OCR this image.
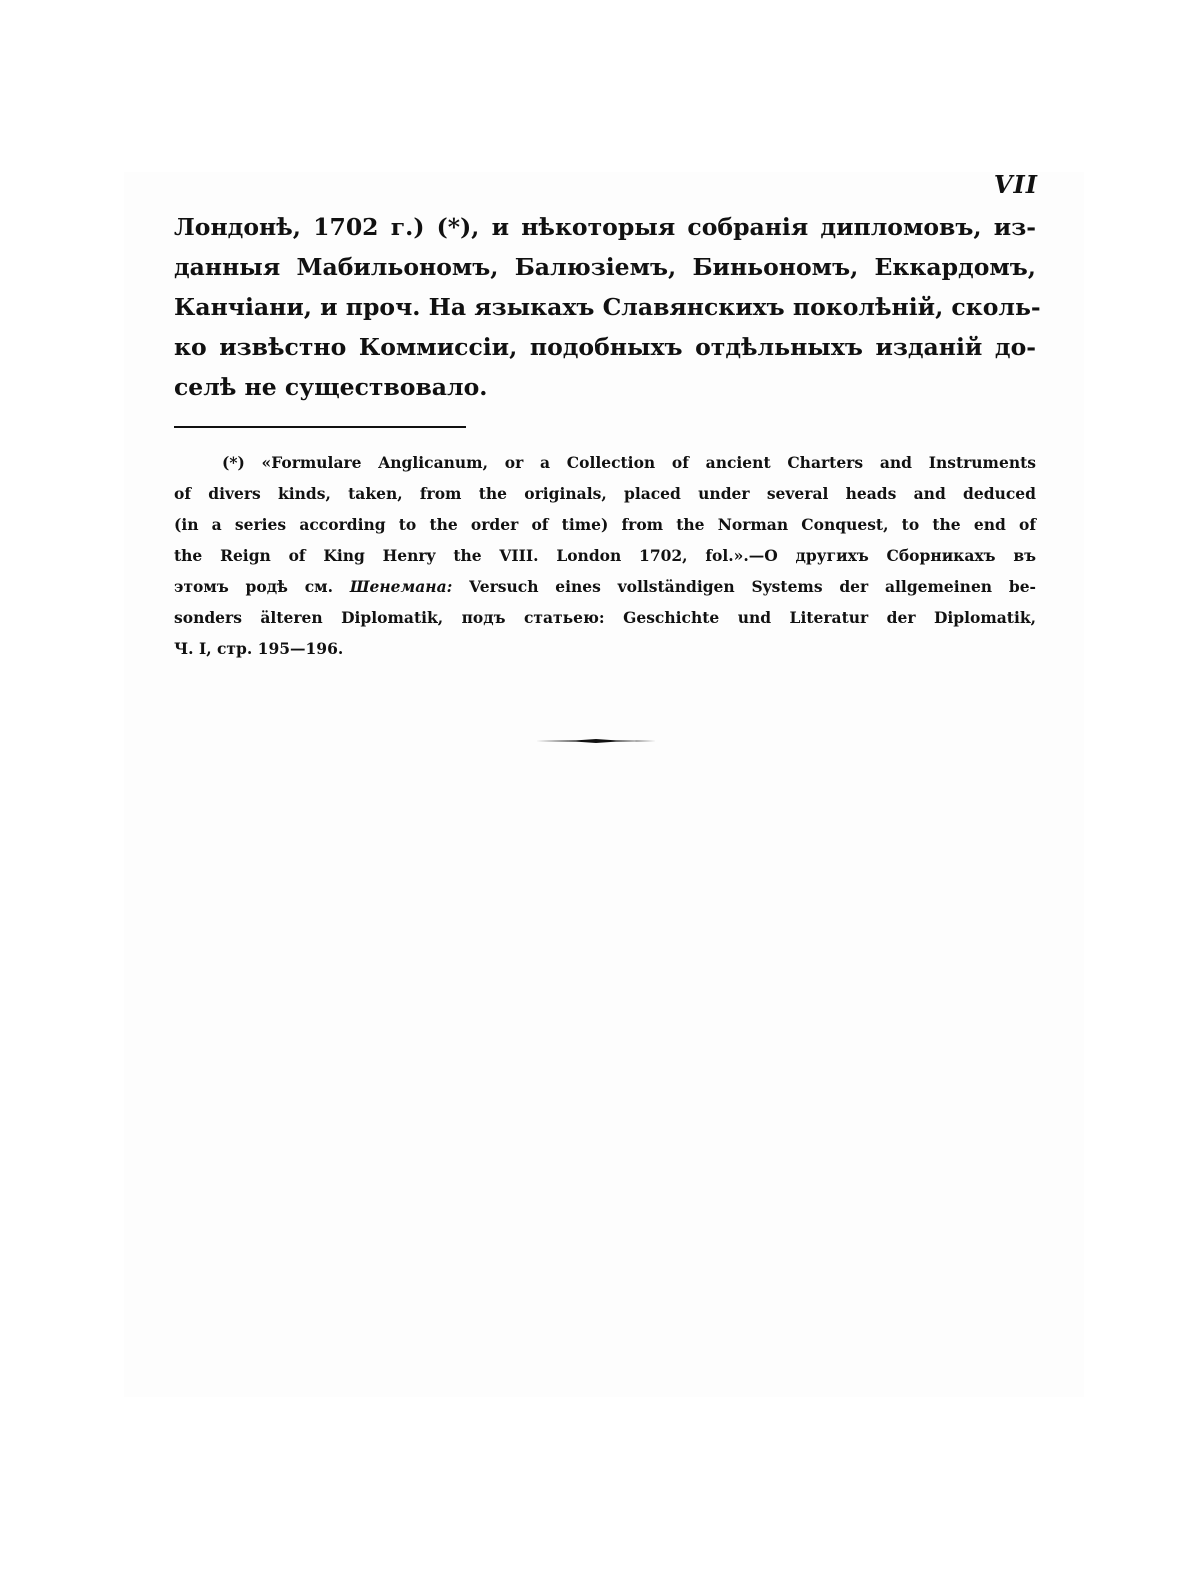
VII
Лондонѣ, 1702 г.) (*), и нѣкоторыя собранія дипломовъ, из-
данныя Мабильономъ, Балюзіемъ, Биньономъ, Еккардомъ,
Канчіани, и проч. На языкахъ Славянскихъ поколѣній, сколь-
ко извѣстно Коммиссіи, подобныхъ отдѣльныхъ изданій до-
селѣ не существовало.
(*) «Formulare Anglicanum, or a Collection of ancient Charters and Instruments
of divers kinds, taken, from the originals, placed under several heads and deduced
(in a series according to the order of time) from the Norman Conquest, to the end of
the Reign of King Henry the VIII. London 1702, fol.».—О другихъ Сборникахъ въ
этомъ родѣ см. Шенемана: Versuch eines vollständigen Systems der allgemeinen be-
sonders älteren Diplomatik, подъ статьею: Geschichte und Literatur der Diplomatik,
Ч. I, стр. 195—196.
